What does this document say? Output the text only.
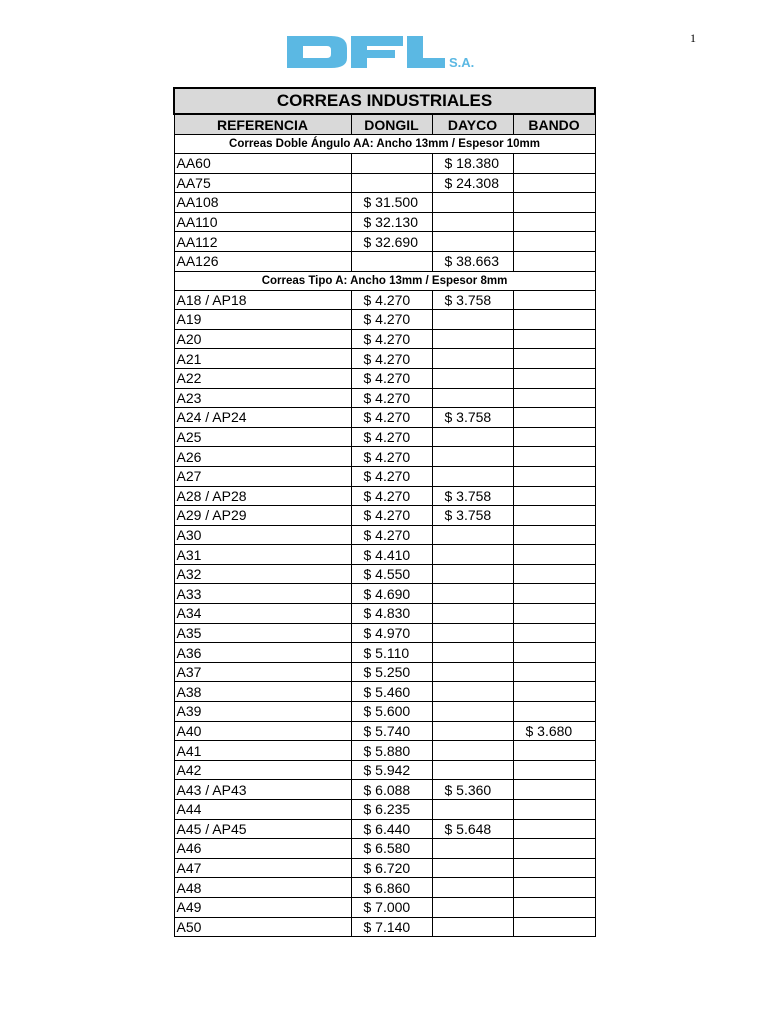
1
S.A.
CORREAS INDUSTRIALES			
REFERENCIA	DONGIL	DAYCO	BANDO
Correas Doble Ángulo AA: Ancho 13mm / Espesor 10mm			
AA60		$ 18.380	
AA75		$ 24.308	
AA108	$ 31.500		
AA110	$ 32.130		
AA112	$ 32.690		
AA126		$ 38.663	
Correas Tipo A: Ancho 13mm / Espesor 8mm			
A18 / AP18	$ 4.270	$ 3.758	
A19	$ 4.270		
A20	$ 4.270		
A21	$ 4.270		
A22	$ 4.270		
A23	$ 4.270		
A24 / AP24	$ 4.270	$ 3.758	
A25	$ 4.270		
A26	$ 4.270		
A27	$ 4.270		
A28 / AP28	$ 4.270	$ 3.758	
A29 / AP29	$ 4.270	$ 3.758	
A30	$ 4.270		
A31	$ 4.410		
A32	$ 4.550		
A33	$ 4.690		
A34	$ 4.830		
A35	$ 4.970		
A36	$ 5.110		
A37	$ 5.250		
A38	$ 5.460		
A39	$ 5.600		
A40	$ 5.740		$ 3.680
A41	$ 5.880		
A42	$ 5.942		
A43 / AP43	$ 6.088	$ 5.360	
A44	$ 6.235		
A45 / AP45	$ 6.440	$ 5.648	
A46	$ 6.580		
A47	$ 6.720		
A48	$ 6.860		
A49	$ 7.000		
A50	$ 7.140		
